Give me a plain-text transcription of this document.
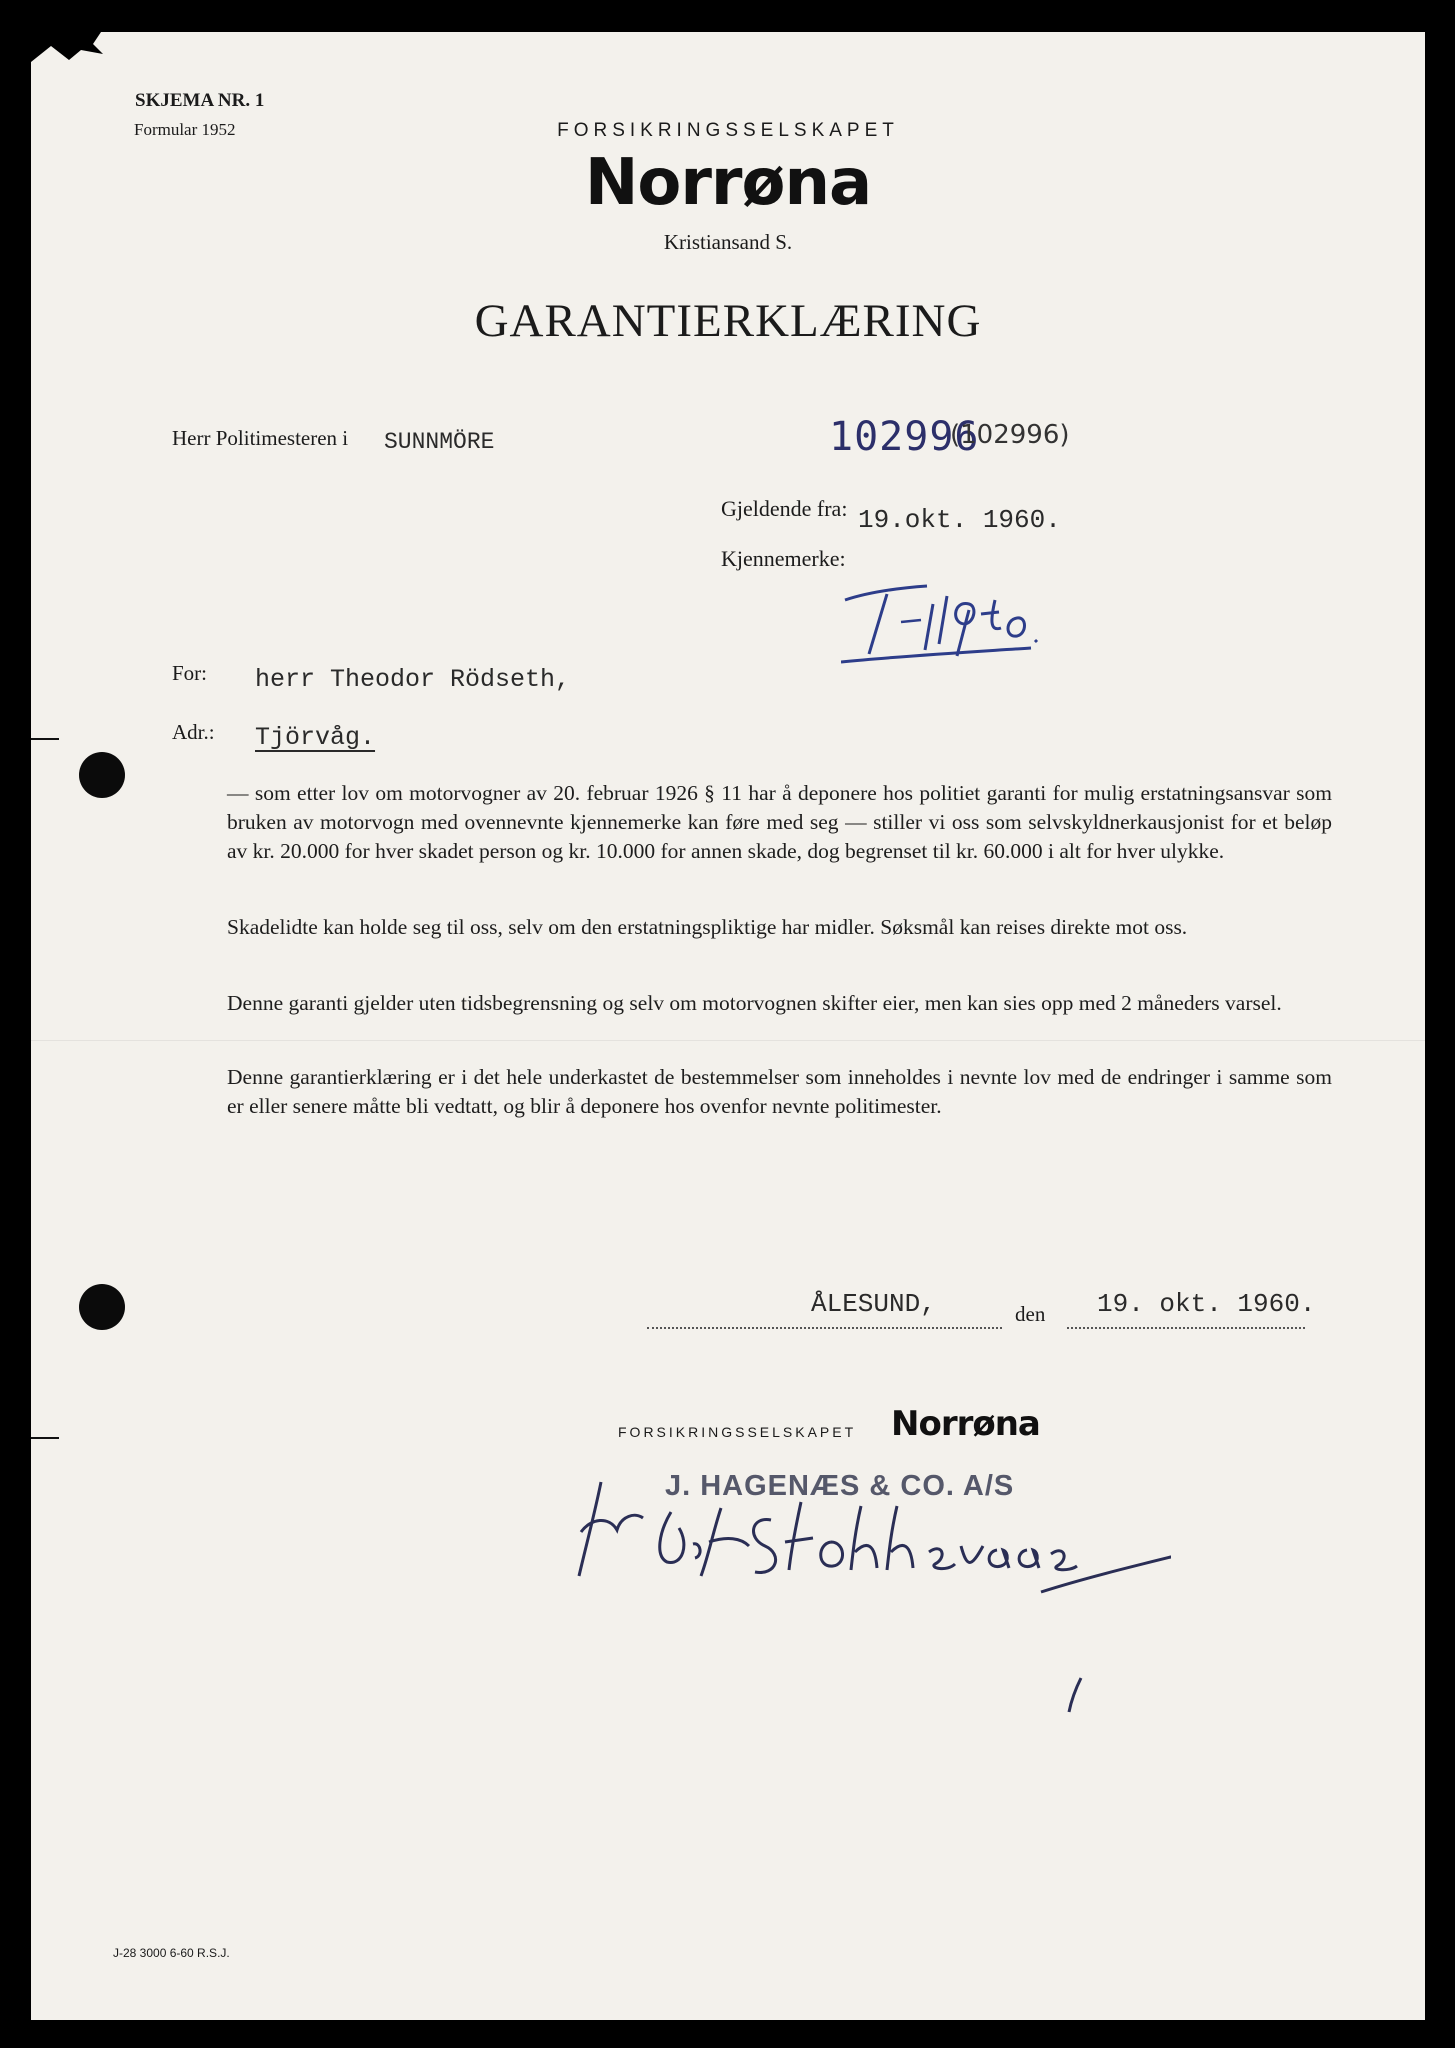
SKJEMA NR. 1
Formular 1952	FORSIKRINGSSELSKAPET
Norrøna
Kristiansand S.
GARANTIERKLÆRING
Herr Politimesteren i SUNNMÖRE	102996
(102996)
Gjeldende fra: 19.okt. 1960.
Kjennemerke:
For: herr Theodor Rödseth,
Adr.: Tjörvåg.
— som etter lov om motorvogner av 20. februar 1926 § 11 har å deponere hos politiet garanti for mulig erstatningsansvar som bruken av motorvogn med ovennevnte kjennemerke kan føre med seg — stiller vi oss som selvskyldnerkausjonist for et beløp av kr. 20.000 for hver skadet person og kr. 10.000 for annen skade, dog begrenset til kr. 60.000 i alt for hver ulykke.
Skadelidte kan holde seg til oss, selv om den erstatningspliktige har midler. Søksmål kan reises direkte mot oss.
Denne garanti gjelder uten tidsbegrensning og selv om motorvognen skifter eier, men kan sies opp med 2 måneders varsel.
Denne garantierklæring er i det hele underkastet de bestemmelser som inneholdes i nevnte lov med de endringer i samme som er eller senere måtte bli vedtatt, og blir å deponere hos ovenfor nevnte politimester.
ÅLESUND,	den 19. okt. 1960.
FORSIKRINGSSELSKAPET Norrøna
J. HAGENÆS & CO. A/S
J-28 3000 6-60 R.S.J.
